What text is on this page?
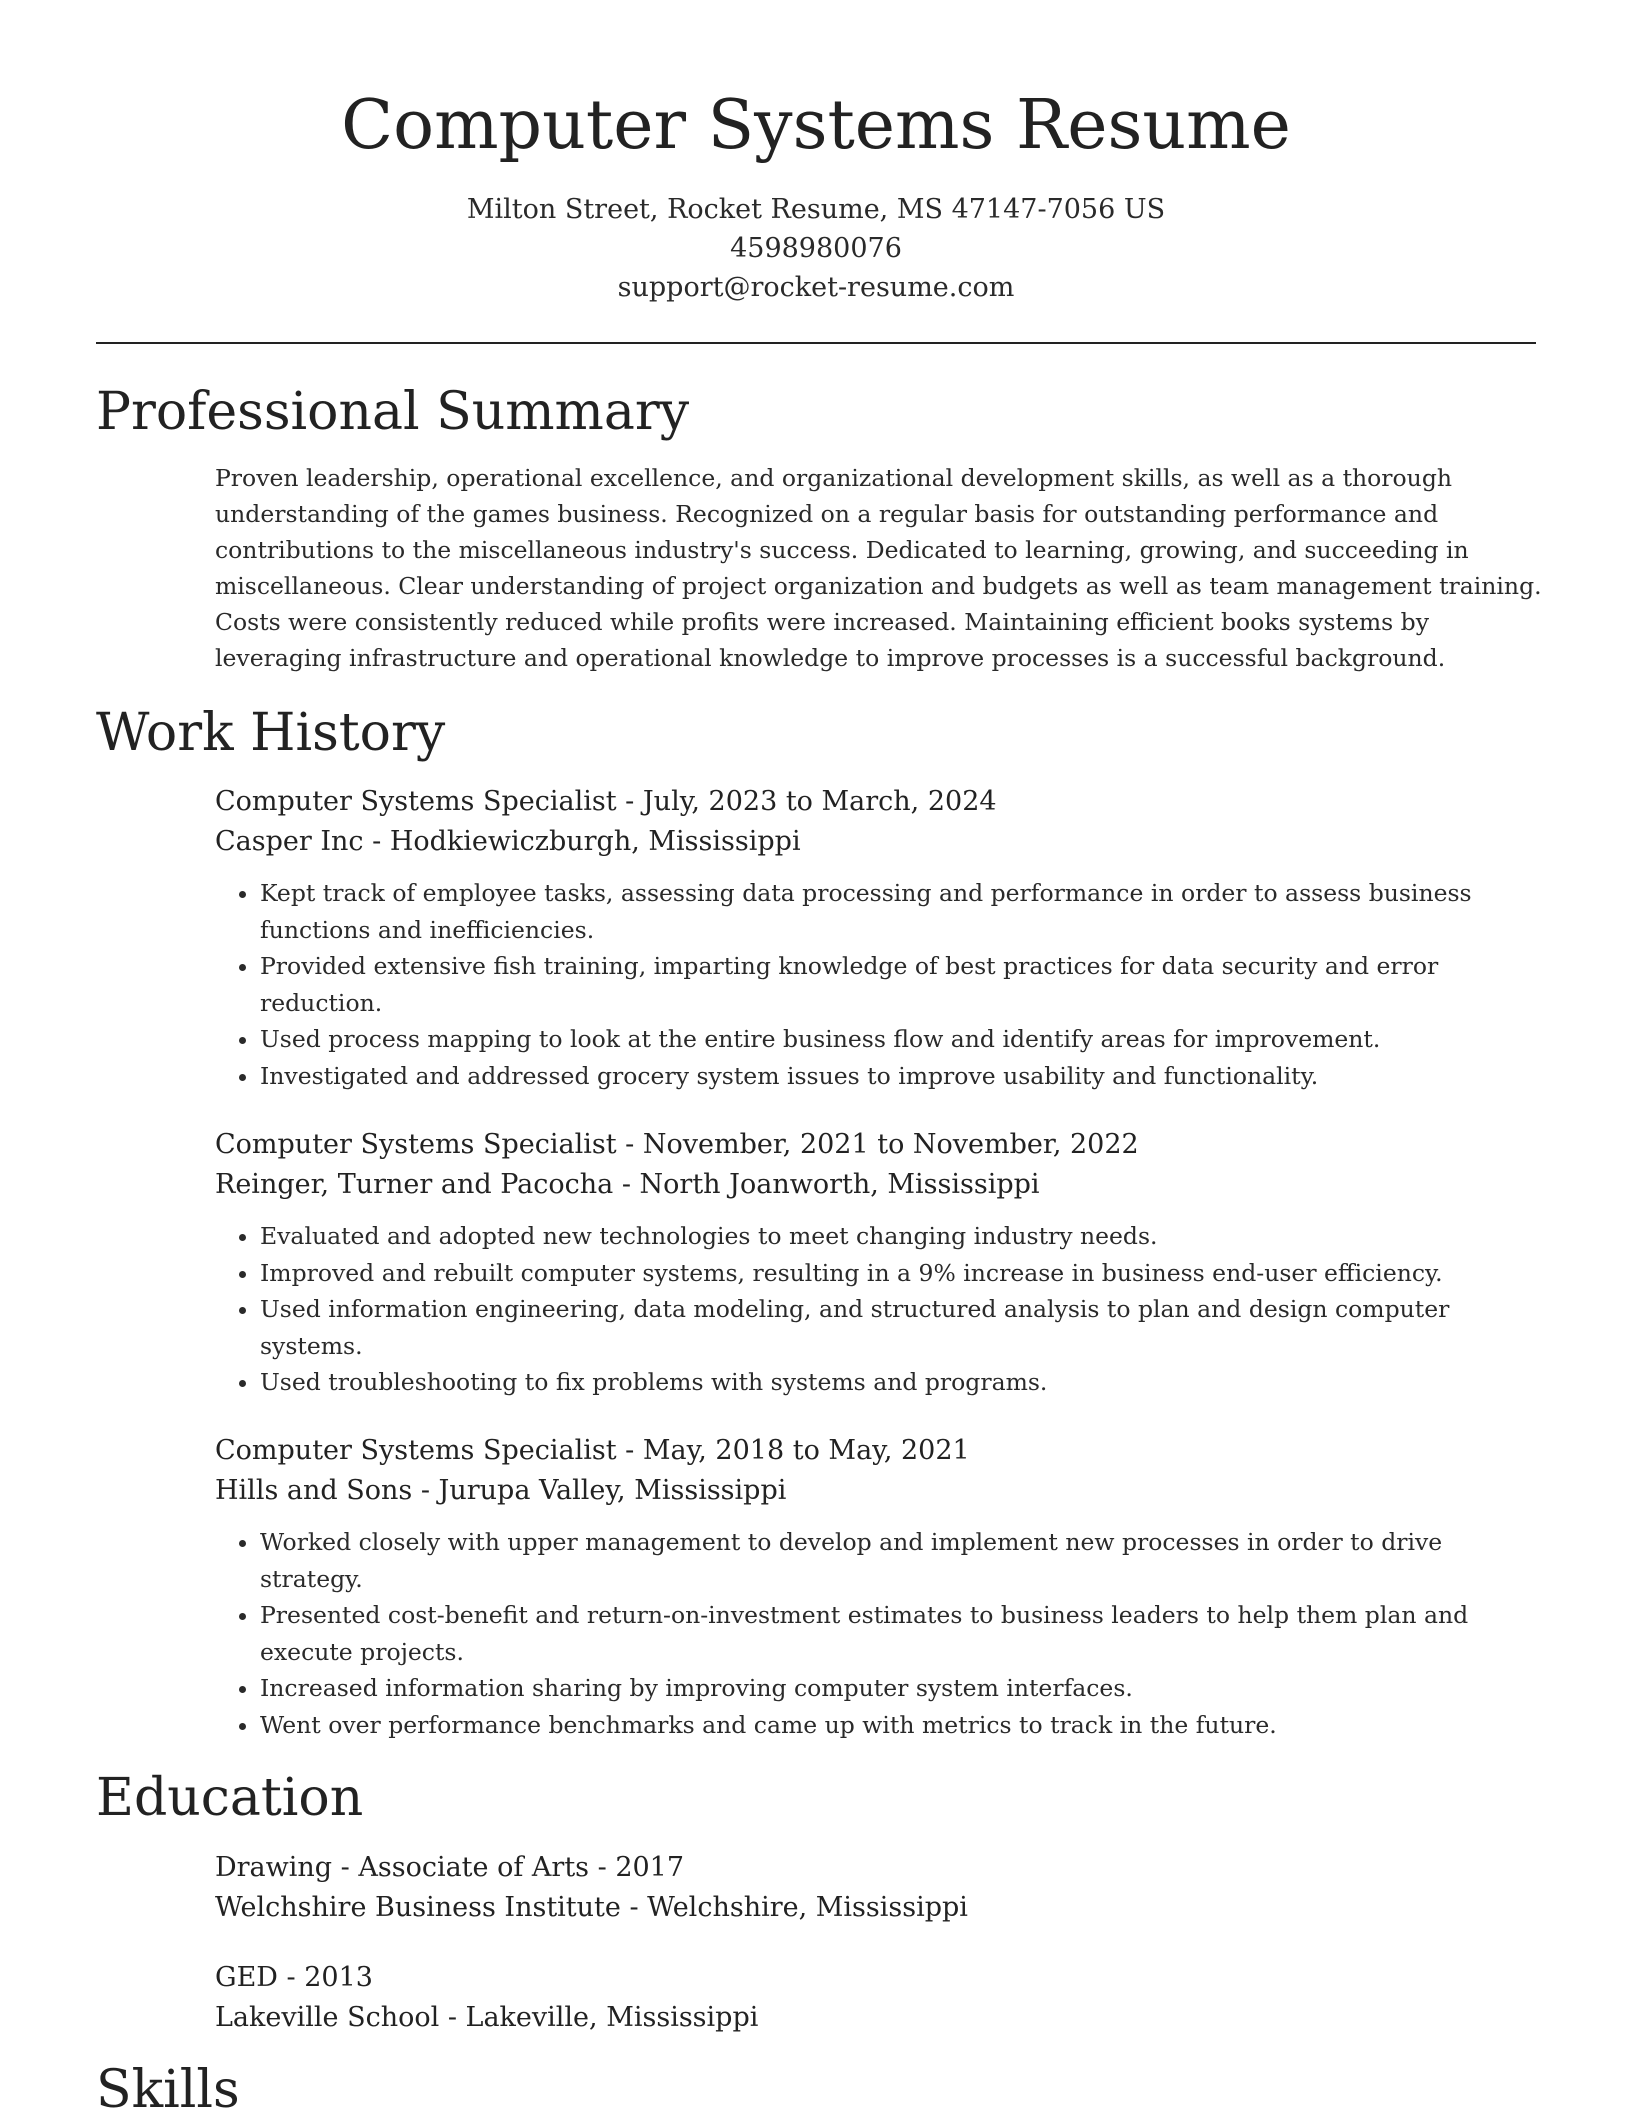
Computer Systems Resume
Milton Street, Rocket Resume, MS 47147-7056 US
4598980076
support@rocket-resume.com
Professional Summary

Proven leadership, operational excellence, and organizational development skills, as well as a thorough understanding of the games business. Recognized on a regular basis for outstanding performance and contributions to the miscellaneous industry's success. Dedicated to learning, growing, and succeeding in miscellaneous. Clear understanding of project organization and budgets as well as team management training. Costs were consistently reduced while profits were increased. Maintaining efficient books systems by leveraging infrastructure and operational knowledge to improve processes is a successful background.

Work History
Computer Systems Specialist - July, 2023 to March, 2024
Casper Inc - Hodkiewiczburgh, Mississippi
• Kept track of employee tasks, assessing data processing and performance in order to assess business functions and inefficiencies.
• Provided extensive fish training, imparting knowledge of best practices for data security and error reduction.
• Used process mapping to look at the entire business flow and identify areas for improvement.
• Investigated and addressed grocery system issues to improve usability and functionality.
Computer Systems Specialist - November, 2021 to November, 2022
Reinger, Turner and Pacocha - North Joanworth, Mississippi
• Evaluated and adopted new technologies to meet changing industry needs.
• Improved and rebuilt computer systems, resulting in a 9% increase in business end-user efficiency.
• Used information engineering, data modeling, and structured analysis to plan and design computer systems.
• Used troubleshooting to fix problems with systems and programs.
Computer Systems Specialist - May, 2018 to May, 2021
Hills and Sons - Jurupa Valley, Mississippi
• Worked closely with upper management to develop and implement new processes in order to drive strategy.
• Presented cost-benefit and return-on-investment estimates to business leaders to help them plan and execute projects.
• Increased information sharing by improving computer system interfaces.
• Went over performance benchmarks and came up with metrics to track in the future.
Education
Drawing - Associate of Arts - 2017
Welchshire Business Institute - Welchshire, Mississippi
GED - 2013
Lakeville School - Lakeville, Mississippi
Skills
